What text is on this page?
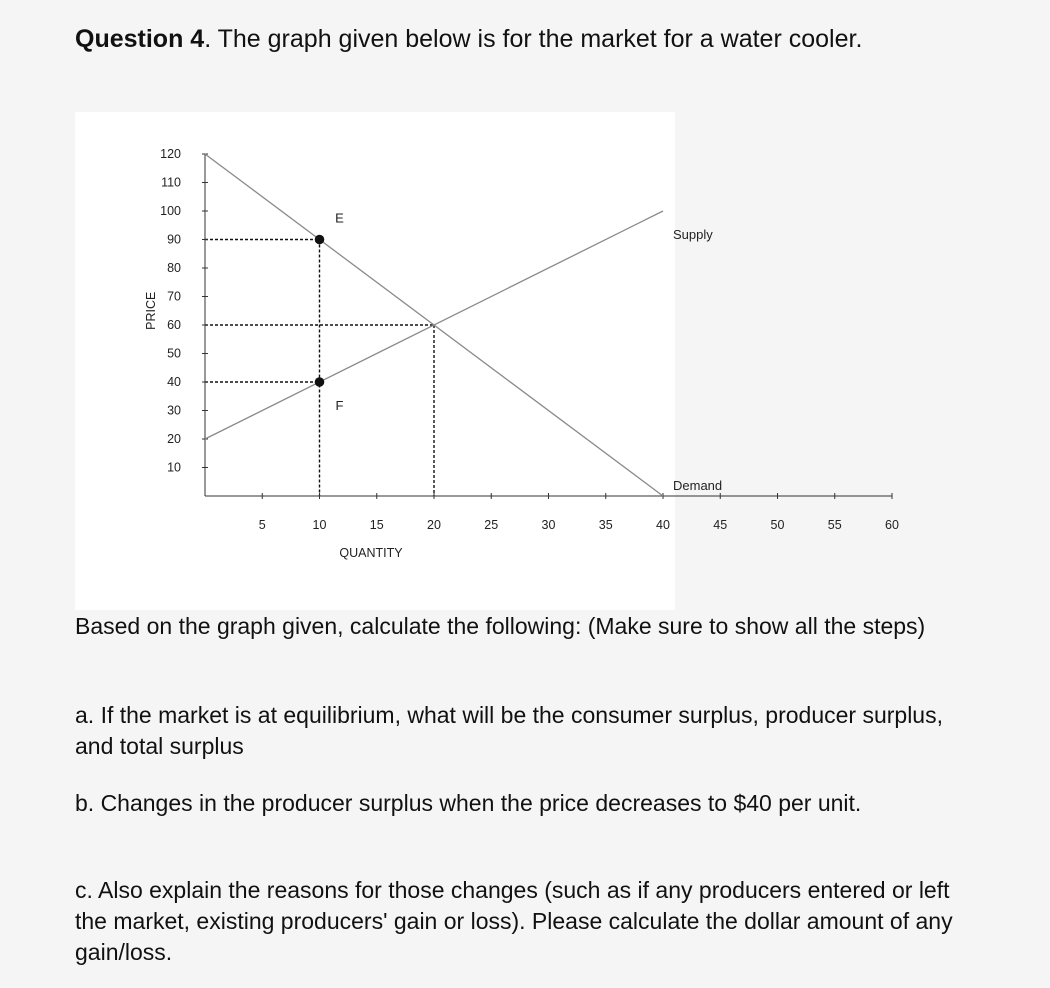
Question 4. The graph given below is for the market for a water cooler.
10
20
30
40
50
60
70
80
90
100
110
120
5	10	15	20	25	30	35	40	45	50	55	60
QUANTITY
PRICE
Supply
Demand
E
F

Based on the graph given, calculate the following: (Make sure to show all the steps)

a. If the market is at equilibrium, what will be the consumer surplus, producer surplus, and total surplus

b. Changes in the producer surplus when the price decreases to $40 per unit.

c. Also explain the reasons for those changes (such as if any producers entered or left the market, existing producers' gain or loss). Please calculate the dollar amount of any gain/loss.
